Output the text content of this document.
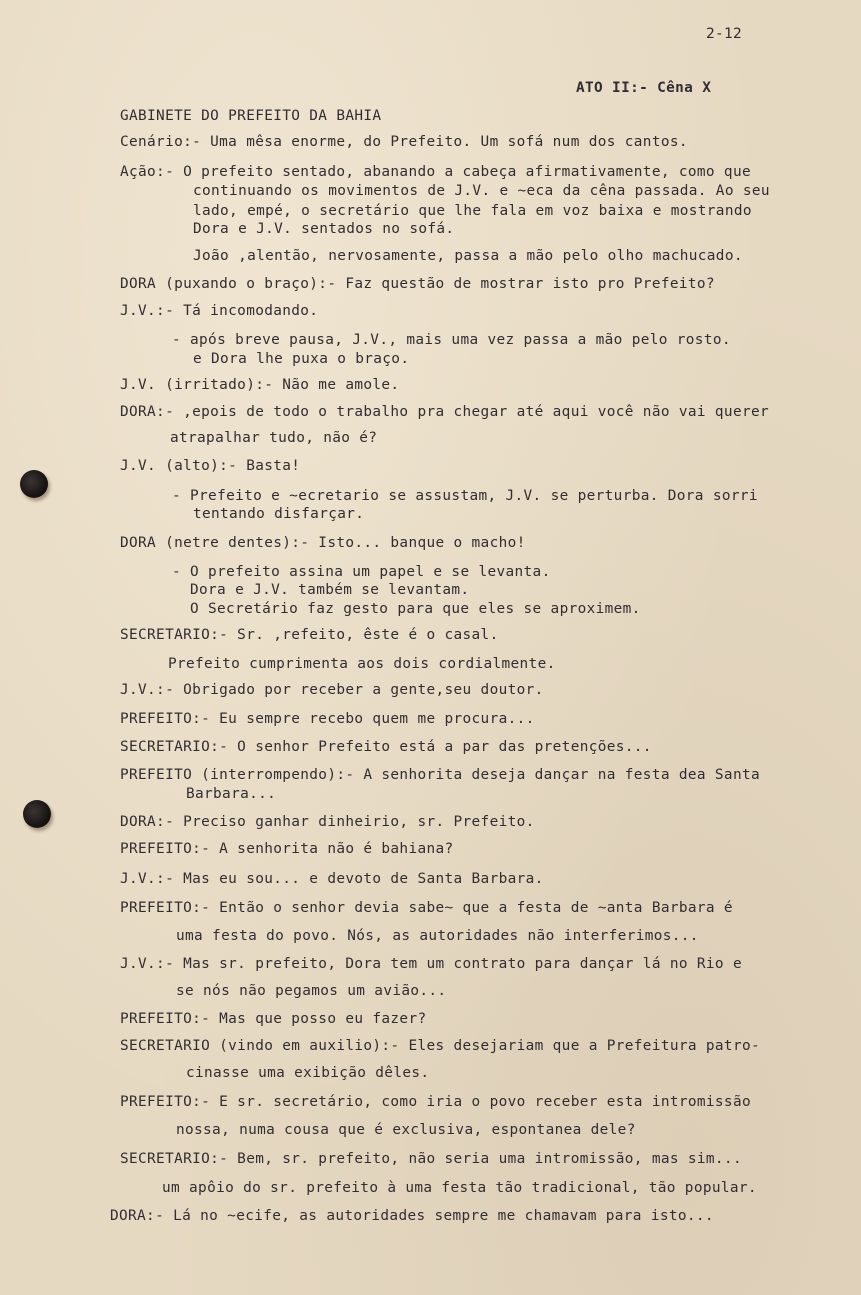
2-12
ATO II:- Cêna X
GABINETE DO PREFEITO DA BAHIA
Cenário:- Uma mêsa enorme, do Prefeito. Um sofá num dos cantos.
Ação:- O prefeito sentado, abanando a cabeça afirmativamente, como que
continuando os movimentos de J.V. e ~eca da cêna passada. Ao seu
lado, empé, o secretário que lhe fala em voz baixa e mostrando
Dora e J.V. sentados no sofá.
João ,alentão, nervosamente, passa a mão pelo olho machucado.
DORA (puxando o braço):- Faz questão de mostrar isto pro Prefeito?
J.V.:- Tá incomodando.
- após breve pausa, J.V., mais uma vez passa a mão pelo rosto.
e Dora lhe puxa o braço.
J.V. (irritado):- Não me amole.
DORA:- ,epois de todo o trabalho pra chegar até aqui você não vai querer
atrapalhar tudo, não é?
J.V. (alto):- Basta!
- Prefeito e ~ecretario se assustam, J.V. se perturba. Dora sorri
tentando disfarçar.
DORA (netre dentes):- Isto... banque o macho!
- O prefeito assina um papel e se levanta.
Dora e J.V. também se levantam.
O Secretário faz gesto para que eles se aproximem.
SECRETARIO:- Sr. ,refeito, êste é o casal.
Prefeito cumprimenta aos dois cordialmente.
J.V.:- Obrigado por receber a gente,seu doutor.
PREFEITO:- Eu sempre recebo quem me procura...
SECRETARIO:- O senhor Prefeito está a par das pretenções...
PREFEITO (interrompendo):- A senhorita deseja dançar na festa dea Santa
Barbara...
DORA:- Preciso ganhar dinheirio, sr. Prefeito.
PREFEITO:- A senhorita não é bahiana?
J.V.:- Mas eu sou... e devoto de Santa Barbara.
PREFEITO:- Então o senhor devia sabe~ que a festa de ~anta Barbara é
uma festa do povo. Nós, as autoridades não interferimos...
J.V.:- Mas sr. prefeito, Dora tem um contrato para dançar lá no Rio e
se nós não pegamos um avião...
PREFEITO:- Mas que posso eu fazer?
SECRETARIO (vindo em auxilio):- Eles desejariam que a Prefeitura patro-
cinasse uma exibição dêles.
PREFEITO:- E sr. secretário, como iria o povo receber esta intromissão
nossa, numa cousa que é exclusiva, espontanea dele?
SECRETARIO:- Bem, sr. prefeito, não seria uma intromissão, mas sim...
um apôio do sr. prefeito à uma festa tão tradicional, tão popular.
DORA:- Lá no ~ecife, as autoridades sempre me chamavam para isto...
